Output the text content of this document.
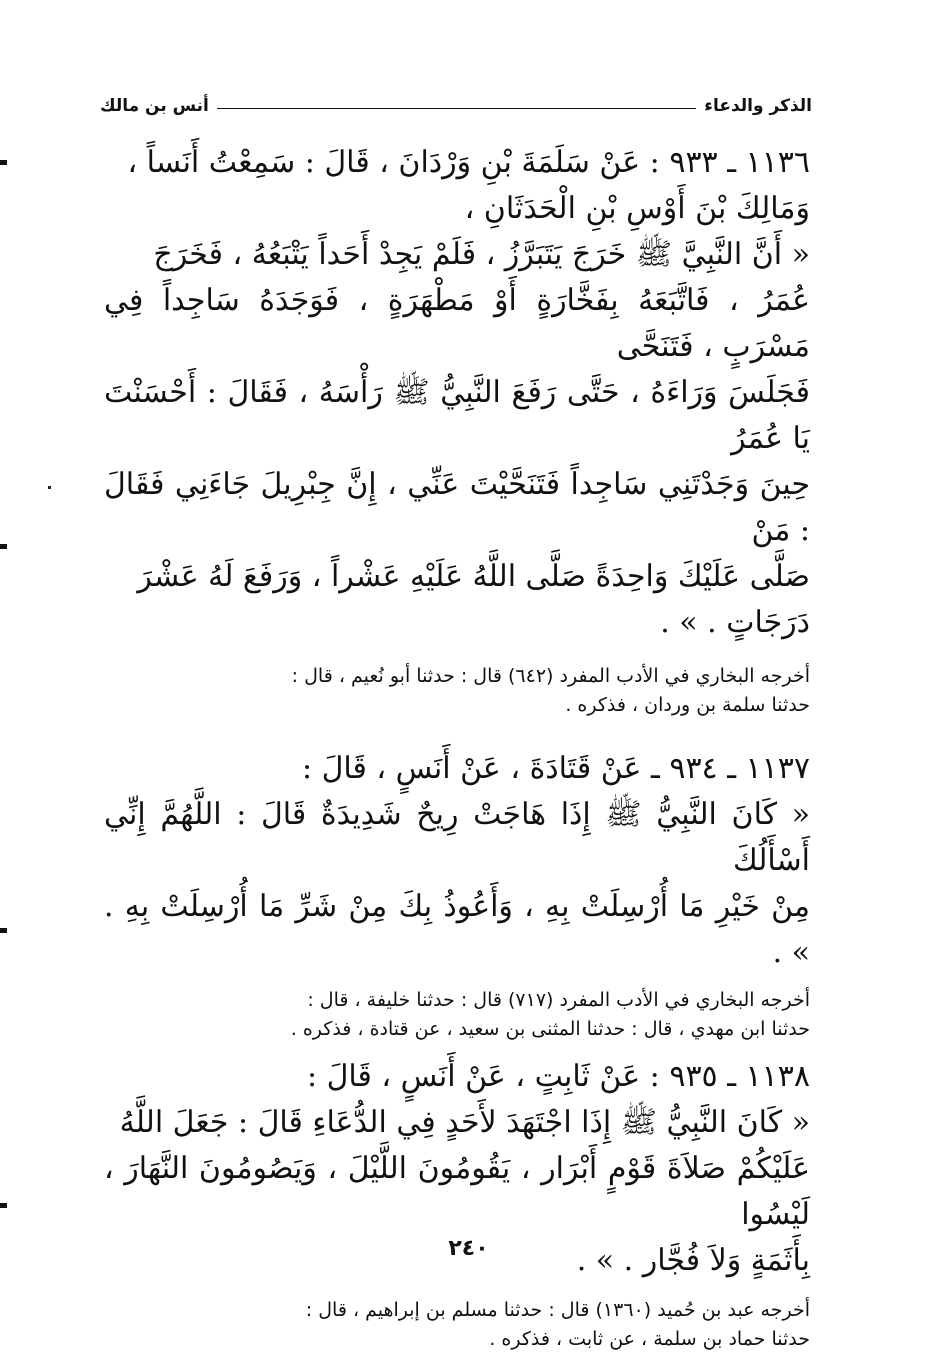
الذكر والدعاء
أنس بن مالك

١١٣٦ ـ ٩٣٣ : عَنْ سَلَمَةَ بْنِ وَرْدَانَ ، قَالَ : سَمِعْتُ أَنَساً ،

وَمَالِكَ بْنَ أَوْسِ بْنِ الْحَدَثَانِ ،

« أَنَّ النَّبِيَّ ﷺ خَرَجَ يَتَبَرَّزُ ، فَلَمْ يَجِدْ أَحَداً يَتْبَعُهُ ، فَخَرَجَ

عُمَرُ ، فَاتَّبَعَهُ بِفَخَّارَةٍ أَوْ مَطْهَرَةٍ ، فَوَجَدَهُ سَاجِداً فِي مَسْرَبٍ ، فَتَنَحَّى

فَجَلَسَ وَرَاءَهُ ، حَتَّى رَفَعَ النَّبِيُّ ﷺ رَأْسَهُ ، فَقَالَ : أَحْسَنْتَ يَا عُمَرُ

حِينَ وَجَدْتَنِي سَاجِداً فَتَنَحَّيْتَ عَنِّي ، إِنَّ جِبْرِيلَ جَاءَنِي فَقَالَ : مَنْ

صَلَّى عَلَيْكَ وَاحِدَةً صَلَّى اللَّهُ عَلَيْهِ عَشْراً ، وَرَفَعَ لَهُ عَشْرَ

دَرَجَاتٍ . » .

أخرجه البخاري في الأدب المفرد (٦٤٢) قال : حدثنا أبو نُعيم ، قال :

حدثنا سلمة بن وردان ، فذكره .

١١٣٧ ـ ٩٣٤ ـ عَنْ قَتَادَةَ ، عَنْ أَنَسٍ ، قَالَ :

« كَانَ النَّبِيُّ ﷺ إِذَا هَاجَتْ رِيحٌ شَدِيدَةٌ قَالَ : اللَّهُمَّ إِنِّي أَسْأَلُكَ

مِنْ خَيْرِ مَا أُرْسِلَتْ بِهِ ، وَأَعُوذُ بِكَ مِنْ شَرِّ مَا أُرْسِلَتْ بِهِ . » .

أخرجه البخاري في الأدب المفرد (٧١٧) قال : حدثنا خليفة ، قال :

حدثنا ابن مهدي ، قال : حدثنا المثنى بن سعيد ، عن قتادة ، فذكره .

١١٣٨ ـ ٩٣٥ : عَنْ ثَابِتٍ ، عَنْ أَنَسٍ ، قَالَ :

« كَانَ النَّبِيُّ ﷺ إِذَا اجْتَهَدَ لأَحَدٍ فِي الدُّعَاءِ قَالَ : جَعَلَ اللَّهُ

عَلَيْكُمْ صَلاَةَ قَوْمٍ أَبْرَار ، يَقُومُونَ اللَّيْلَ ، وَيَصُومُونَ النَّهَارَ ، لَيْسُوا

بِأَثَمَةٍ وَلاَ فُجَّار . » .

أخرجه عبد بن حُميد (١٣٦٠) قال : حدثنا مسلم بن إبراهيم ، قال :

حدثنا حماد بن سلمة ، عن ثابت ، فذكره .

٢٤٠
